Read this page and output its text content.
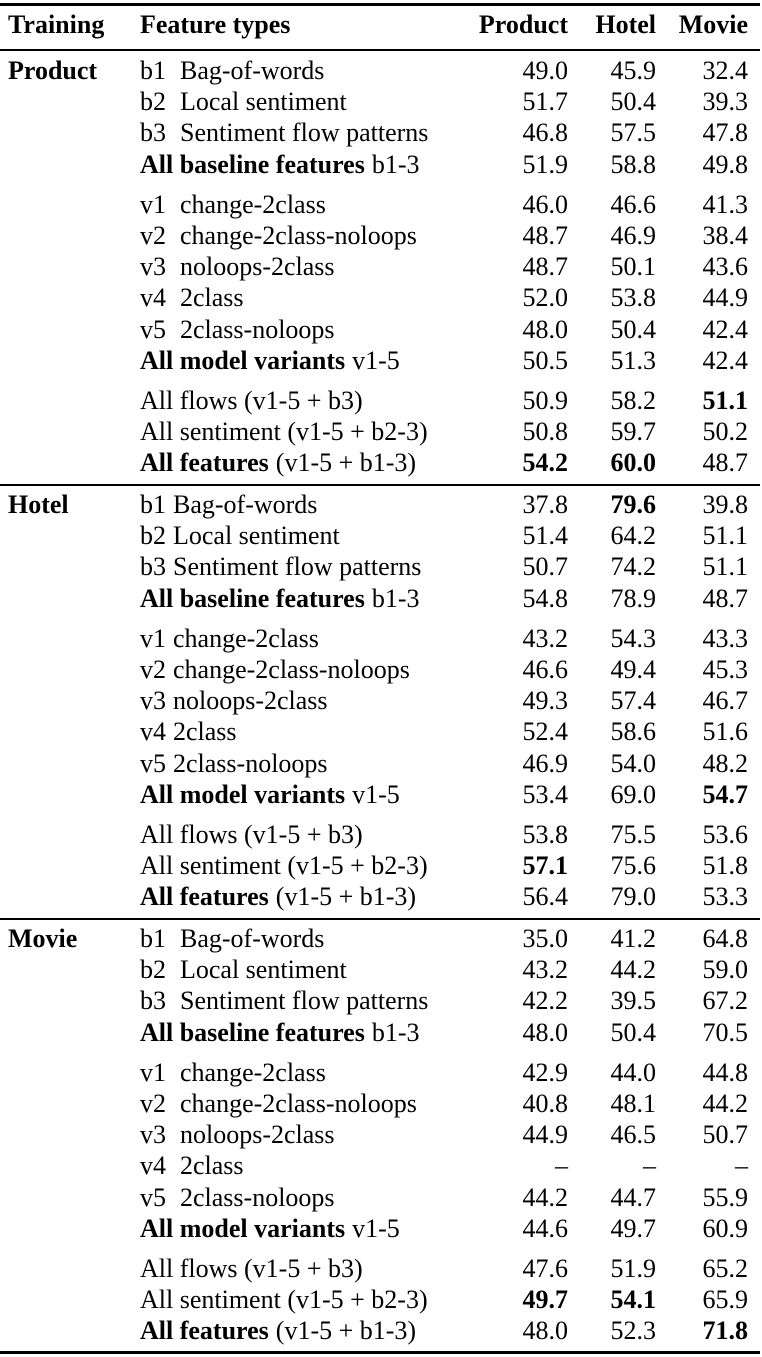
Training Feature types	Product Hotel Movie
Product b1 Bag-of-words	49.0 45.9 32.4
b2 Local sentiment	51.7 50.4 39.3
b3 Sentiment flow patterns	46.8 57.5 47.8
All baseline features b1-3	51.9 58.8 49.8
v1 change-2class	46.0 46.6 41.3
v2 change-2class-noloops	48.7 46.9 38.4
v3 noloops-2class	48.7 50.1 43.6
v4 2class	52.0 53.8 44.9
v5 2class-noloops	48.0 50.4 42.4
All model variants v1-5	50.5 51.3 42.4
All flows (v1-5 + b3)	50.9 58.2 51.1
All sentiment (v1-5 + b2-3)	50.8 59.7 50.2
All features (v1-5 + b1-3)	54.2 60.0 48.7
Hotel	b1 Bag-of-words	37.8 79.6 39.8
b2 Local sentiment	51.4 64.2 51.1
b3 Sentiment flow patterns	50.7 74.2 51.1
All baseline features b1-3	54.8 78.9 48.7
v1 change-2class	43.2 54.3 43.3
v2 change-2class-noloops	46.6 49.4 45.3
v3 noloops-2class	49.3 57.4 46.7
v4 2class	52.4 58.6 51.6
v5 2class-noloops	46.9 54.0 48.2
All model variants v1-5	53.4 69.0 54.7
All flows (v1-5 + b3)	53.8 75.5 53.6
All sentiment (v1-5 + b2-3)	57.1 75.6 51.8
All features (v1-5 + b1-3)	56.4 79.0 53.3
Movie b1 Bag-of-words	35.0 41.2 64.8
b2 Local sentiment	43.2 44.2 59.0
b3 Sentiment flow patterns	42.2 39.5 67.2
All baseline features b1-3	48.0 50.4 70.5
v1 change-2class	42.9 44.0 44.8
v2 change-2class-noloops	40.8 48.1 44.2
v3 noloops-2class	44.9 46.5 50.7
v4 2class	–	–	–
v5 2class-noloops	44.2 44.7 55.9
All model variants v1-5	44.6 49.7 60.9
All flows (v1-5 + b3)	47.6 51.9 65.2
All sentiment (v1-5 + b2-3)	49.7 54.1 65.9
All features (v1-5 + b1-3)	48.0 52.3 71.8
